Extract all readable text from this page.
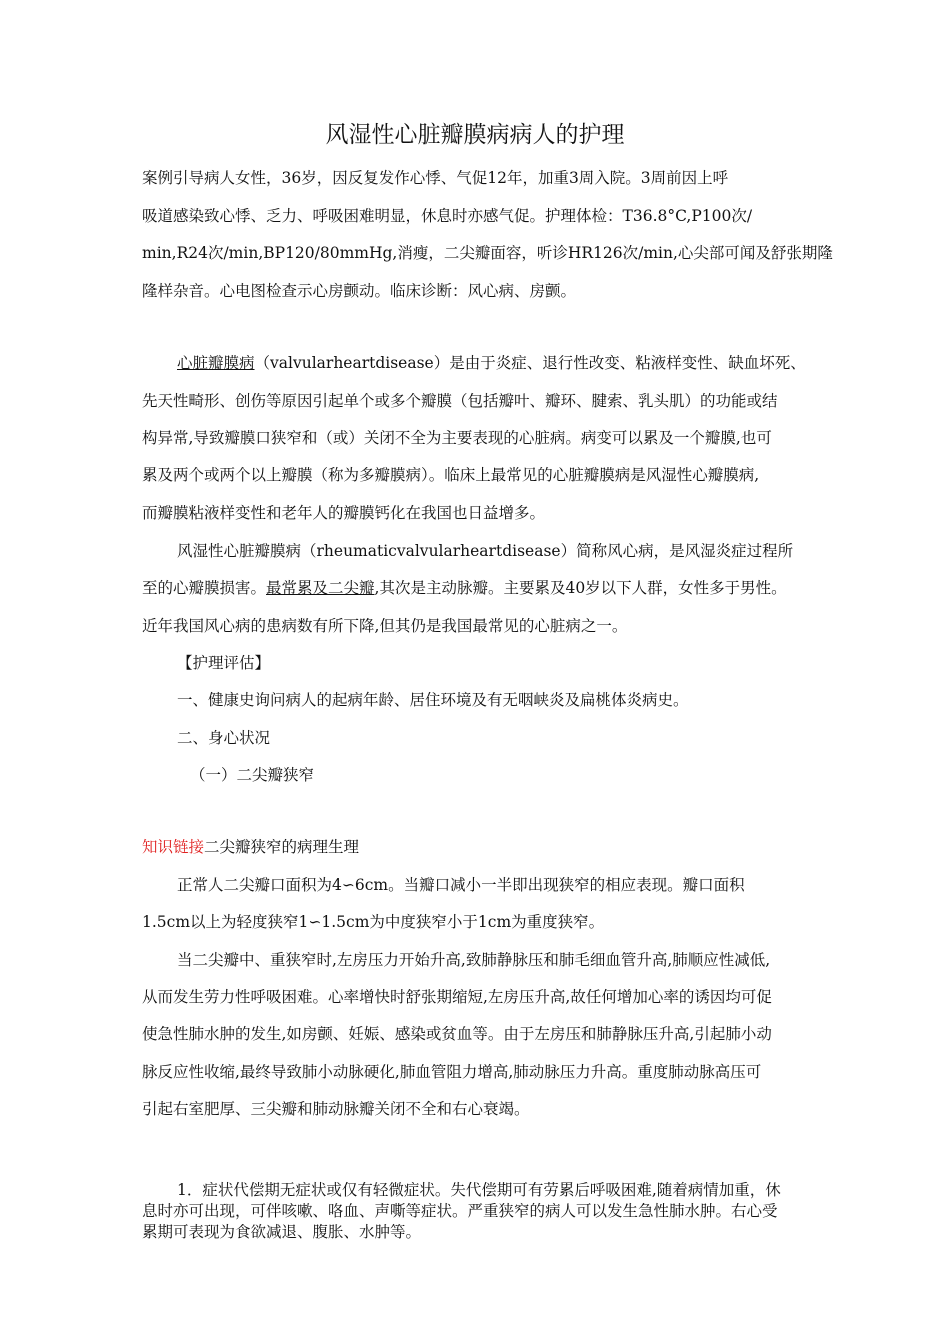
风湿性心脏瓣膜病病人的护理
案例引导病人女性，36岁，因反复发作心悸、气促12年，加重3周入院。3周前因上呼
吸道感染致心悸、乏力、呼吸困难明显，休息时亦感气促。护理体检：T36.8°C,P100次/
min,R24次/min,BP120/80mmHg,消瘦，二尖瓣面容，听诊HR126次/min,心尖部可闻及舒张期隆
隆样杂音。心电图检查示心房颤动。临床诊断：风心病、房颤。
心脏瓣膜病（valvularheartdisease）是由于炎症、退行性改变、粘液样变性、缺血坏死、
先天性畸形、创伤等原因引起单个或多个瓣膜（包括瓣叶、瓣环、腱索、乳头肌）的功能或结
构异常,导致瓣膜口狭窄和（或）关闭不全为主要表现的心脏病。病变可以累及一个瓣膜,也可
累及两个或两个以上瓣膜（称为多瓣膜病）。临床上最常见的心脏瓣膜病是风湿性心瓣膜病,
而瓣膜粘液样变性和老年人的瓣膜钙化在我国也日益增多。
风湿性心脏瓣膜病（rheumaticvalvularheartdisease）简称风心病，是风湿炎症过程所
至的心瓣膜损害。最常累及二尖瓣,其次是主动脉瓣。主要累及40岁以下人群，女性多于男性。
近年我国风心病的患病数有所下降,但其仍是我国最常见的心脏病之一。
【护理评估】
一、健康史询问病人的起病年龄、居住环境及有无咽峡炎及扁桃体炎病史。
二、身心状况
（一）二尖瓣狭窄
知识链接二尖瓣狭窄的病理生理
正常人二尖瓣口面积为4∽6cm。当瓣口减小一半即出现狭窄的相应表现。瓣口面积
1.5cm以上为轻度狭窄1∽1.5cm为中度狭窄小于1cm为重度狭窄。
当二尖瓣中、重狭窄时,左房压力开始升高,致肺静脉压和肺毛细血管升高,肺顺应性减低,
从而发生劳力性呼吸困难。心率增快时舒张期缩短,左房压升高,故任何增加心率的诱因均可促
使急性肺水肿的发生,如房颤、妊娠、感染或贫血等。由于左房压和肺静脉压升高,引起肺小动
脉反应性收缩,最终导致肺小动脉硬化,肺血管阻力增高,肺动脉压力升高。重度肺动脉高压可
引起右室肥厚、三尖瓣和肺动脉瓣关闭不全和右心衰竭。
1．症状代偿期无症状或仅有轻微症状。失代偿期可有劳累后呼吸困难,随着病情加重，休
息时亦可出现，可伴咳嗽、咯血、声嘶等症状。严重狭窄的病人可以发生急性肺水肿。右心受
累期可表现为食欲减退、腹胀、水肿等。
